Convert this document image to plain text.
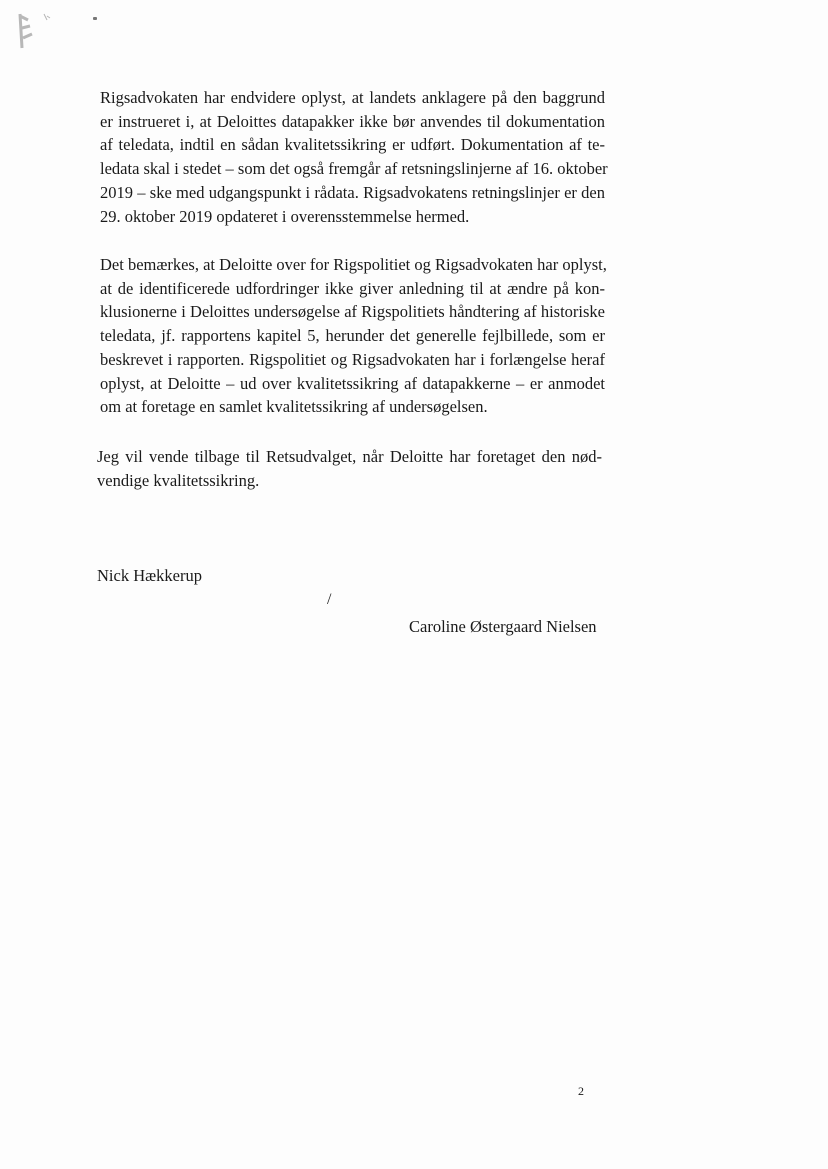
Rigsadvokaten har endvidere oplyst, at landets anklagere på den baggrund
er instrueret i, at Deloittes datapakker ikke bør anvendes til dokumentation
af teledata, indtil en sådan kvalitetssikring er udført. Dokumentation af te-
ledata skal i stedet – som det også fremgår af retsningslinjerne af 16. oktober
2019 – ske med udgangspunkt i rådata. Rigsadvokatens retningslinjer er den
29. oktober 2019 opdateret i overensstemmelse hermed.

Det bemærkes, at Deloitte over for Rigspolitiet og Rigsadvokaten har oplyst,
at de identificerede udfordringer ikke giver anledning til at ændre på kon-
klusionerne i Deloittes undersøgelse af Rigspolitiets håndtering af historiske
teledata, jf. rapportens kapitel 5, herunder det generelle fejlbillede, som er
beskrevet i rapporten. Rigspolitiet og Rigsadvokaten har i forlængelse heraf
oplyst, at Deloitte – ud over kvalitetssikring af datapakkerne – er anmodet
om at foretage en samlet kvalitetssikring af undersøgelsen.

Jeg vil vende tilbage til Retsudvalget, når Deloitte har foretaget den nød-
vendige kvalitetssikring.

Nick Hækkerup
/
Caroline Østergaard Nielsen
2
